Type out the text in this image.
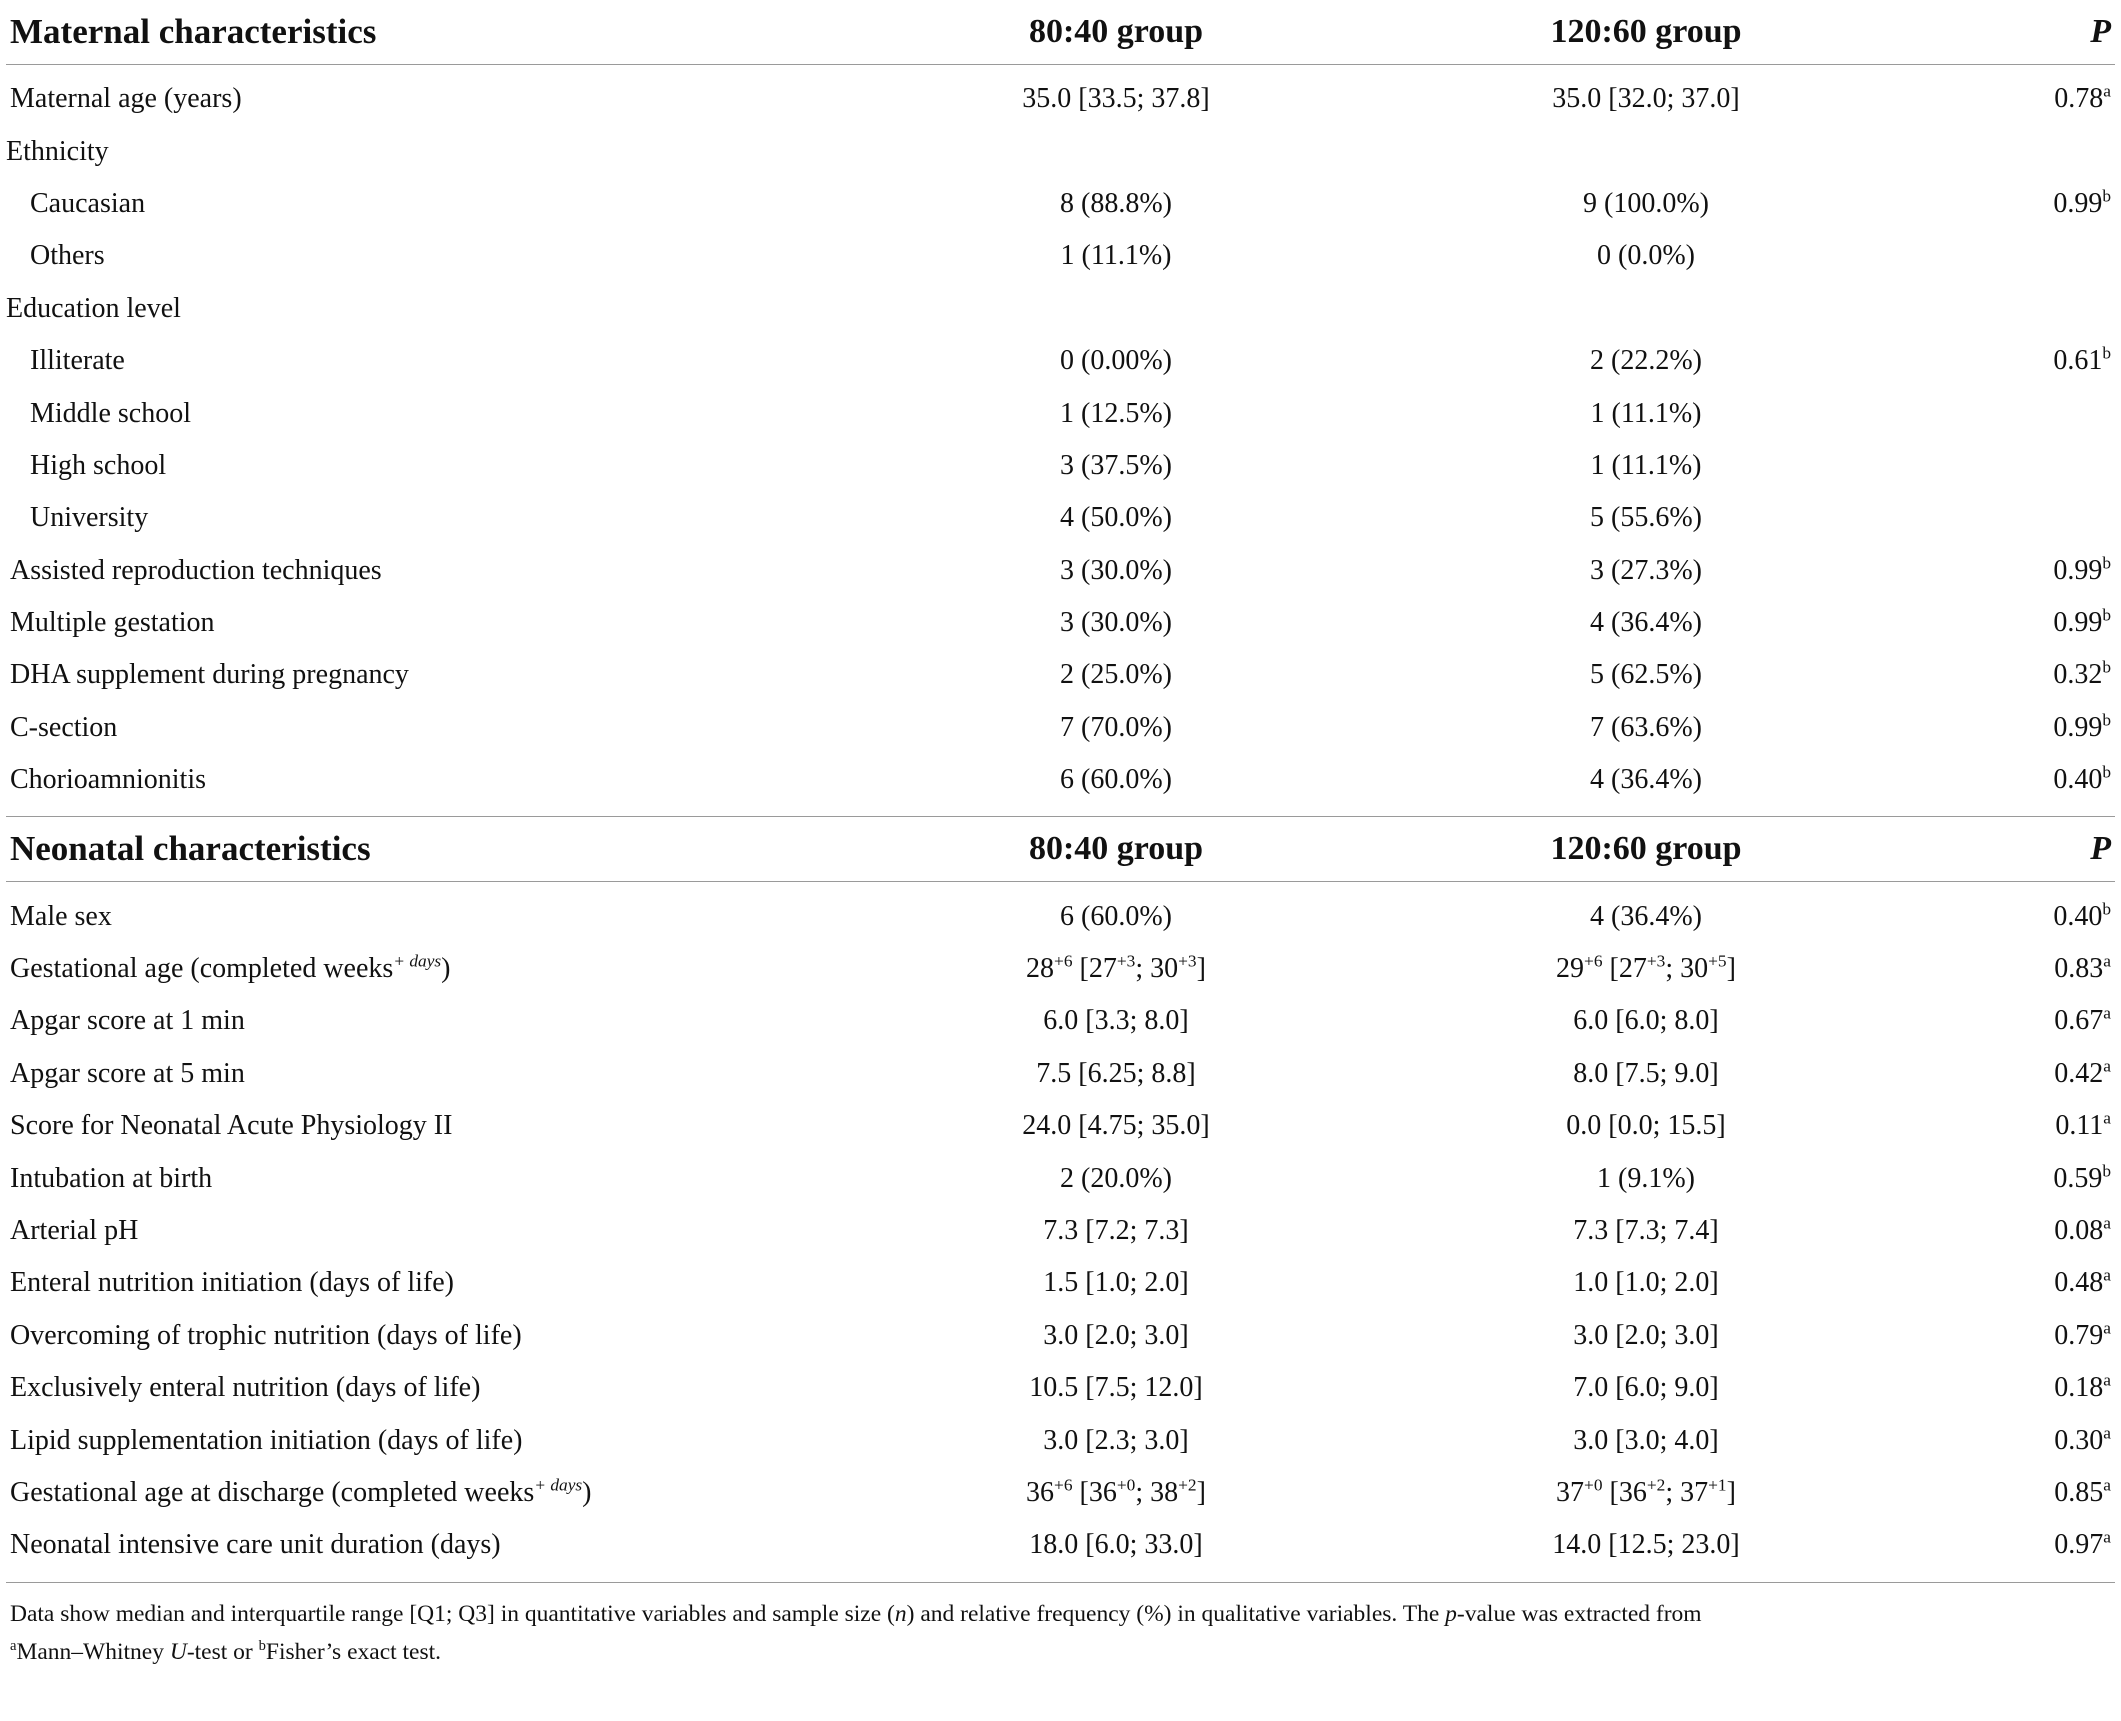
Maternal characteristics	80:40 group	120:60 group	P
Maternal age (years)	35.0 [33.5; 37.8]	35.0 [32.0; 37.0]	0.78$^a$
Ethnicity
Caucasian	8 (88.8%)	9 (100.0%)	0.99$^b$
Others	1 (11.1%)	0 (0.0%)
Education level
Illiterate	0 (0.00%)	2 (22.2%)	0.61$^b$
Middle school	1 (12.5%)	1 (11.1%)
High school	3 (37.5%)	1 (11.1%)
University	4 (50.0%)	5 (55.6%)
Assisted reproduction techniques	3 (30.0%)	3 (27.3%)	0.99$^b$
Multiple gestation	3 (30.0%)	4 (36.4%)	0.99$^b$
DHA supplement during pregnancy	2 (25.0%)	5 (62.5%)	0.32$^b$
C-section	7 (70.0%)	7 (63.6%)	0.99$^b$
Chorioamnionitis	6 (60.0%)	4 (36.4%)	0.40$^b$
Neonatal characteristics	80:40 group	120:60 group	P
Male sex	6 (60.0%)	4 (36.4%)	0.40$^b$
Gestational age (completed weeks$^{+ days}$)	$28^{+6}$ [$27^{+3}$; $30^{+3}$]	$29^{+6}$ [$27^{+3}$; $30^{+5}$]	0.83$^a$
Apgar score at 1 min	6.0 [3.3; 8.0]	6.0 [6.0; 8.0]	0.67$^a$
Apgar score at 5 min	7.5 [6.25; 8.8]	8.0 [7.5; 9.0]	0.42$^a$
Score for Neonatal Acute Physiology II	24.0 [4.75; 35.0]	0.0 [0.0; 15.5]	0.11$^a$
Intubation at birth	2 (20.0%)	1 (9.1%)	0.59$^b$
Arterial pH	7.3 [7.2; 7.3]	7.3 [7.3; 7.4]	0.08$^a$
Enteral nutrition initiation (days of life)	1.5 [1.0; 2.0]	1.0 [1.0; 2.0]	0.48$^a$
Overcoming of trophic nutrition (days of life)	3.0 [2.0; 3.0]	3.0 [2.0; 3.0]	0.79$^a$
Exclusively enteral nutrition (days of life)	10.5 [7.5; 12.0]	7.0 [6.0; 9.0]	0.18$^a$
Lipid supplementation initiation (days of life)	3.0 [2.3; 3.0]	3.0 [3.0; 4.0]	0.30$^a$
Gestational age at discharge (completed weeks$^{+ days}$)	$36^{+6}$ [$36^{+0}$; $38^{+2}$]	$37^{+0}$ [$36^{+2}$; $37^{+1}$]	0.85$^a$
Neonatal intensive care unit duration (days)	18.0 [6.0; 33.0]	14.0 [12.5; 23.0]	0.97$^a$
Data show median and interquartile range [Q1; Q3] in quantitative variables and sample size (n) and relative frequency (%) in qualitative variables. The p-value was extracted from
$^a$Mann–Whitney U-test or $^b$Fisher’s exact test.
